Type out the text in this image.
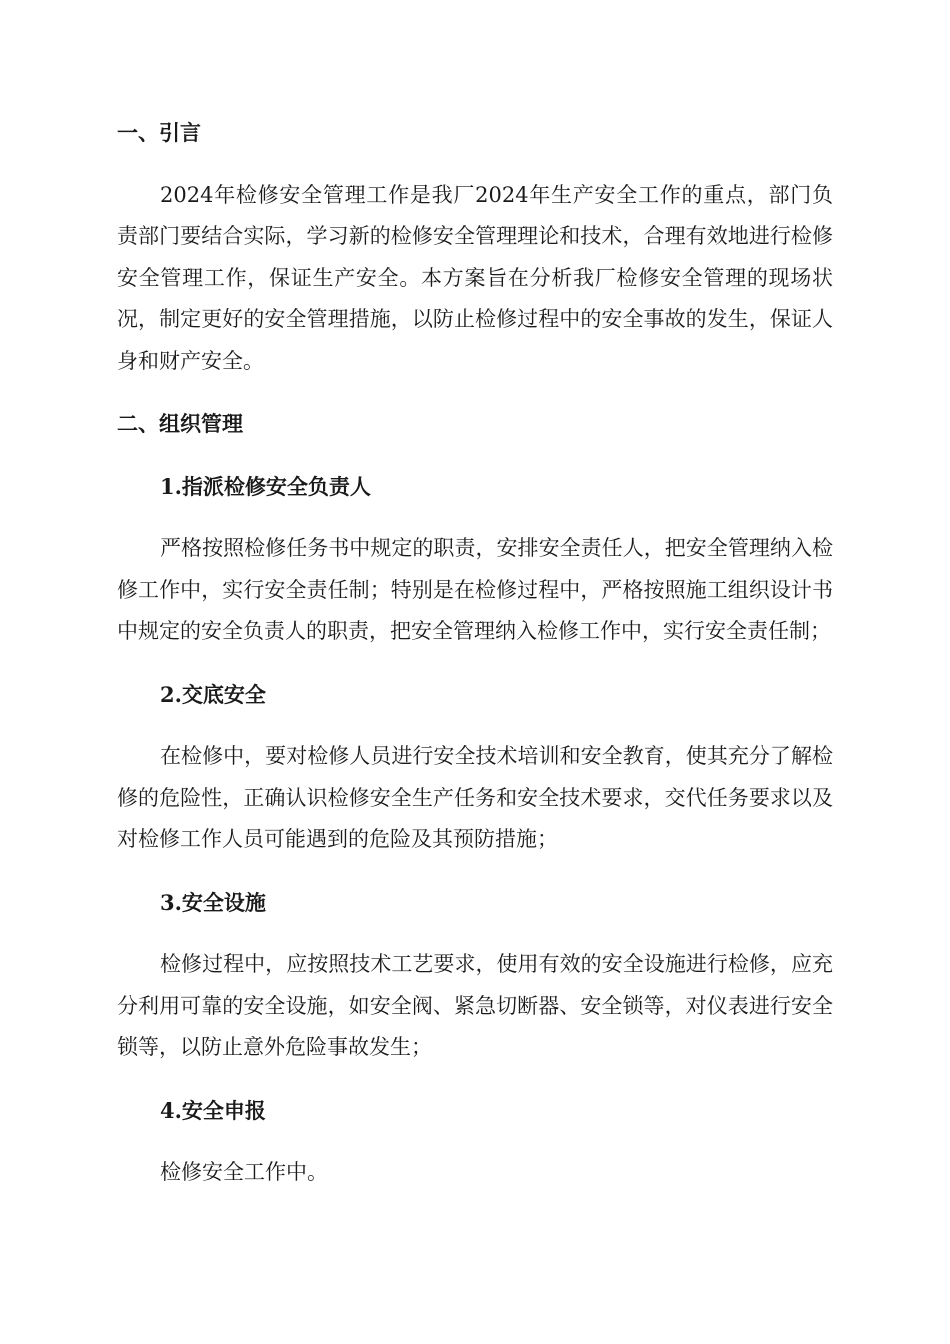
一、引言

2024年检修安全管理工作是我厂2024年生产安全工作的重点，部门负责部门要结合实际，学习新的检修安全管理理论和技术，合理有效地进行检修安全管理工作，保证生产安全。本方案旨在分析我厂检修安全管理的现场状况，制定更好的安全管理措施，以防止检修过程中的安全事故的发生，保证人身和财产安全。

二、组织管理
1.指派检修安全负责人

严格按照检修任务书中规定的职责，安排安全责任人，把安全管理纳入检修工作中，实行安全责任制；特别是在检修过程中，严格按照施工组织设计书中规定的安全负责人的职责，把安全管理纳入检修工作中，实行安全责任制；

2.交底安全

在检修中，要对检修人员进行安全技术培训和安全教育，使其充分了解检修的危险性，正确认识检修安全生产任务和安全技术要求，交代任务要求以及对检修工作人员可能遇到的危险及其预防措施；

3.安全设施

检修过程中，应按照技术工艺要求，使用有效的安全设施进行检修，应充分利用可靠的安全设施，如安全阀、紧急切断器、安全锁等，对仪表进行安全锁等，以防止意外危险事故发生；

4.安全申报

检修安全工作中。
